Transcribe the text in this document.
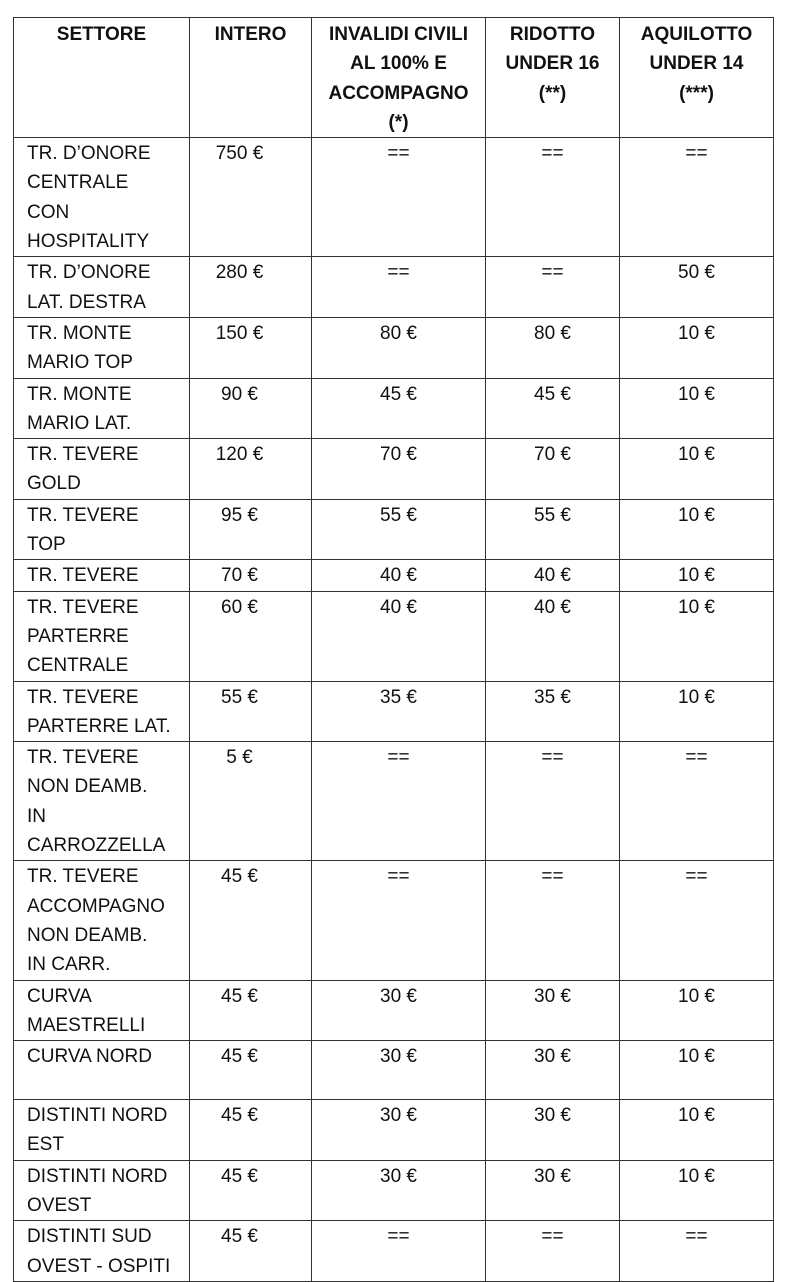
SETTORE	INTERO	INVALIDI CIVILI
AL 100% E
ACCOMPAGNO
(*)	RIDOTTO
UNDER 16
(**)	AQUILOTTO
UNDER 14
(***)

TR. D’ONORE
CENTRALE
CON
HOSPITALITY	750 €	==	==	==

TR. D’ONORE
LAT. DESTRA	280 €	==	==	50 €

TR. MONTE
MARIO TOP	150 €	80 €	80 €	10 €

TR. MONTE
MARIO LAT.	90 €	45 €	45 €	10 €

TR. TEVERE
GOLD	120 €	70 €	70 €	10 €

TR. TEVERE
TOP	95 €	55 €	55 €	10 €

TR. TEVERE	70 €	40 €	40 €	10 €

TR. TEVERE
PARTERRE
CENTRALE	60 €	40 €	40 €	10 €

TR. TEVERE
PARTERRE LAT.	55 €	35 €	35 €	10 €

TR. TEVERE
NON DEAMB.
IN
CARROZZELLA	5 €	==	==	==

TR. TEVERE
ACCOMPAGNO
NON DEAMB.
IN CARR.	45 €	==	==	==

CURVA
MAESTRELLI	45 €	30 €	30 €	10 €

CURVA NORD	45 €	30 €	30 €	10 €

DISTINTI NORD
EST	45 €	30 €	30 €	10 €

DISTINTI NORD
OVEST	45 €	30 €	30 €	10 €

DISTINTI SUD
OVEST - OSPITI	45 €	==	==	==
